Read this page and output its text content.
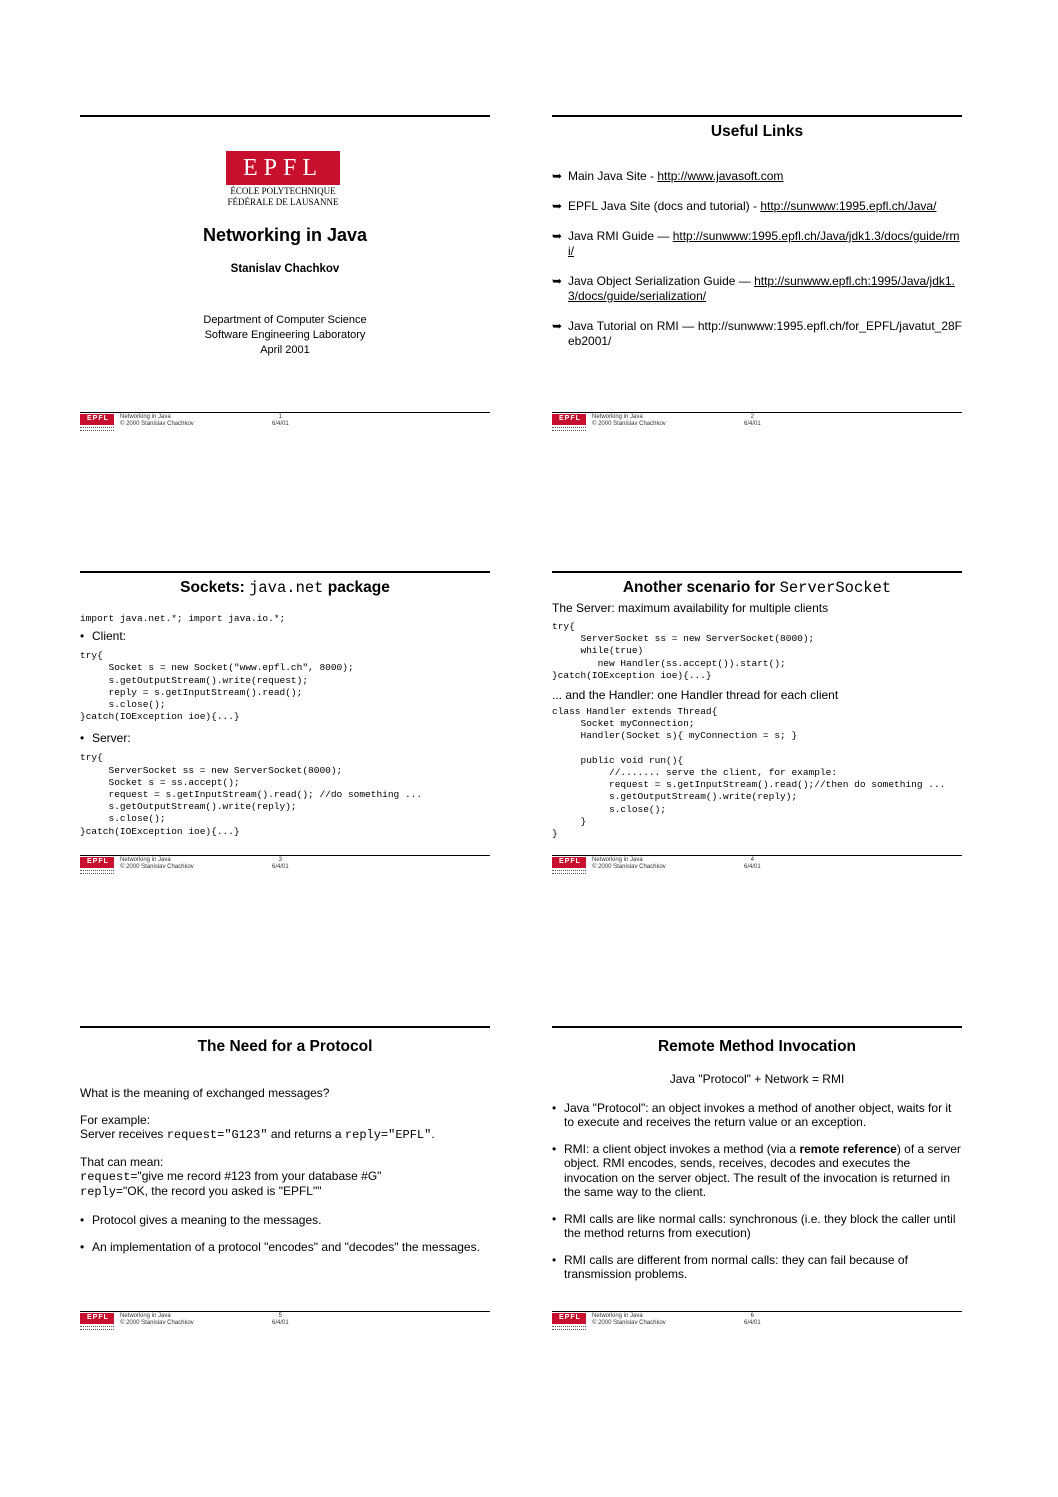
EPFL
ÉCOLE POLYTECHNIQUE
FÉDÉRALE DE LAUSANNE
Networking in Java
Stanislav Chachkov
Department of Computer Science
Software Engineering Laboratory
April 2001
EPFL Networking in Java
© 2000 Stanislav Chachkov
1
6/4/01
Useful Links
➥ Main Java Site - http://www.javasoft.com
➥ EPFL Java Site (docs and tutorial) - http://sunwww:1995.epfl.ch/Java/
➥ Java RMI Guide — http://sunwww:1995.epfl.ch/Java/jdk1.3/docs/guide/rmi/
➥ Java Object Serialization Guide — http://sunwww.epfl.ch:1995/Java/jdk1.3/docs/guide/serialization/
➥ Java Tutorial on RMI — http://sunwww:1995.epfl.ch/for_EPFL/javatut_28Feb2001/
EPFL Networking in Java
© 2000 Stanislav Chachkov
2
6/4/01
Sockets: java.net package
import java.net.*; import java.io.*;
• Client:
try{
Socket s = new Socket("www.epfl.ch", 8000);
s.getOutputStream().write(request);
reply = s.getInputStream().read();
s.close();
}catch(IOException ioe){...}
• Server:
try{
ServerSocket ss = new ServerSocket(8000);
Socket s = ss.accept();
request = s.getInputStream().read(); //do something ...
s.getOutputStream().write(reply);
s.close();
}catch(IOException ioe){...}
EPFL Networking in Java
© 2000 Stanislav Chachkov
3
6/4/01
Another scenario for ServerSocket
The Server: maximum availability for multiple clients
try{
ServerSocket ss = new ServerSocket(8000);
while(true)
new Handler(ss.accept()).start();
}catch(IOException ioe){...}
... and the Handler: one Handler thread for each client
class Handler extends Thread{
Socket myConnection;
Handler(Socket s){ myConnection = s; }

public void run(){
//....... serve the client, for example:
request = s.getInputStream().read();//then do something ...
s.getOutputStream().write(reply);
s.close();
}
}
EPFL Networking in Java
© 2000 Stanislav Chachkov
4
6/4/01
The Need for a Protocol
What is the meaning of exchanged messages?
For example:
Server receives request="G123" and returns a reply="EPFL".
That can mean:
request="give me record #123 from your database #G"
reply="OK, the record you asked is "EPFL""
• Protocol gives a meaning to the messages.
• An implementation of a protocol "encodes" and "decodes" the messages.
EPFL Networking in Java
© 2000 Stanislav Chachkov
5
6/4/01
Remote Method Invocation
Java "Protocol" + Network = RMI
• Java "Protocol": an object invokes a method of another object, waits for it to execute and receives the return value or an exception.
• RMI: a client object invokes a method (via a remote reference) of a server object. RMI encodes, sends, receives, decodes and executes the invocation on the server object. The result of the invocation is returned in the same way to the client.
• RMI calls are like normal calls: synchronous (i.e. they block the caller until the method returns from execution)
• RMI calls are different from normal calls: they can fail because of transmission problems.
EPFL Networking in Java
© 2000 Stanislav Chachkov
6
6/4/01
